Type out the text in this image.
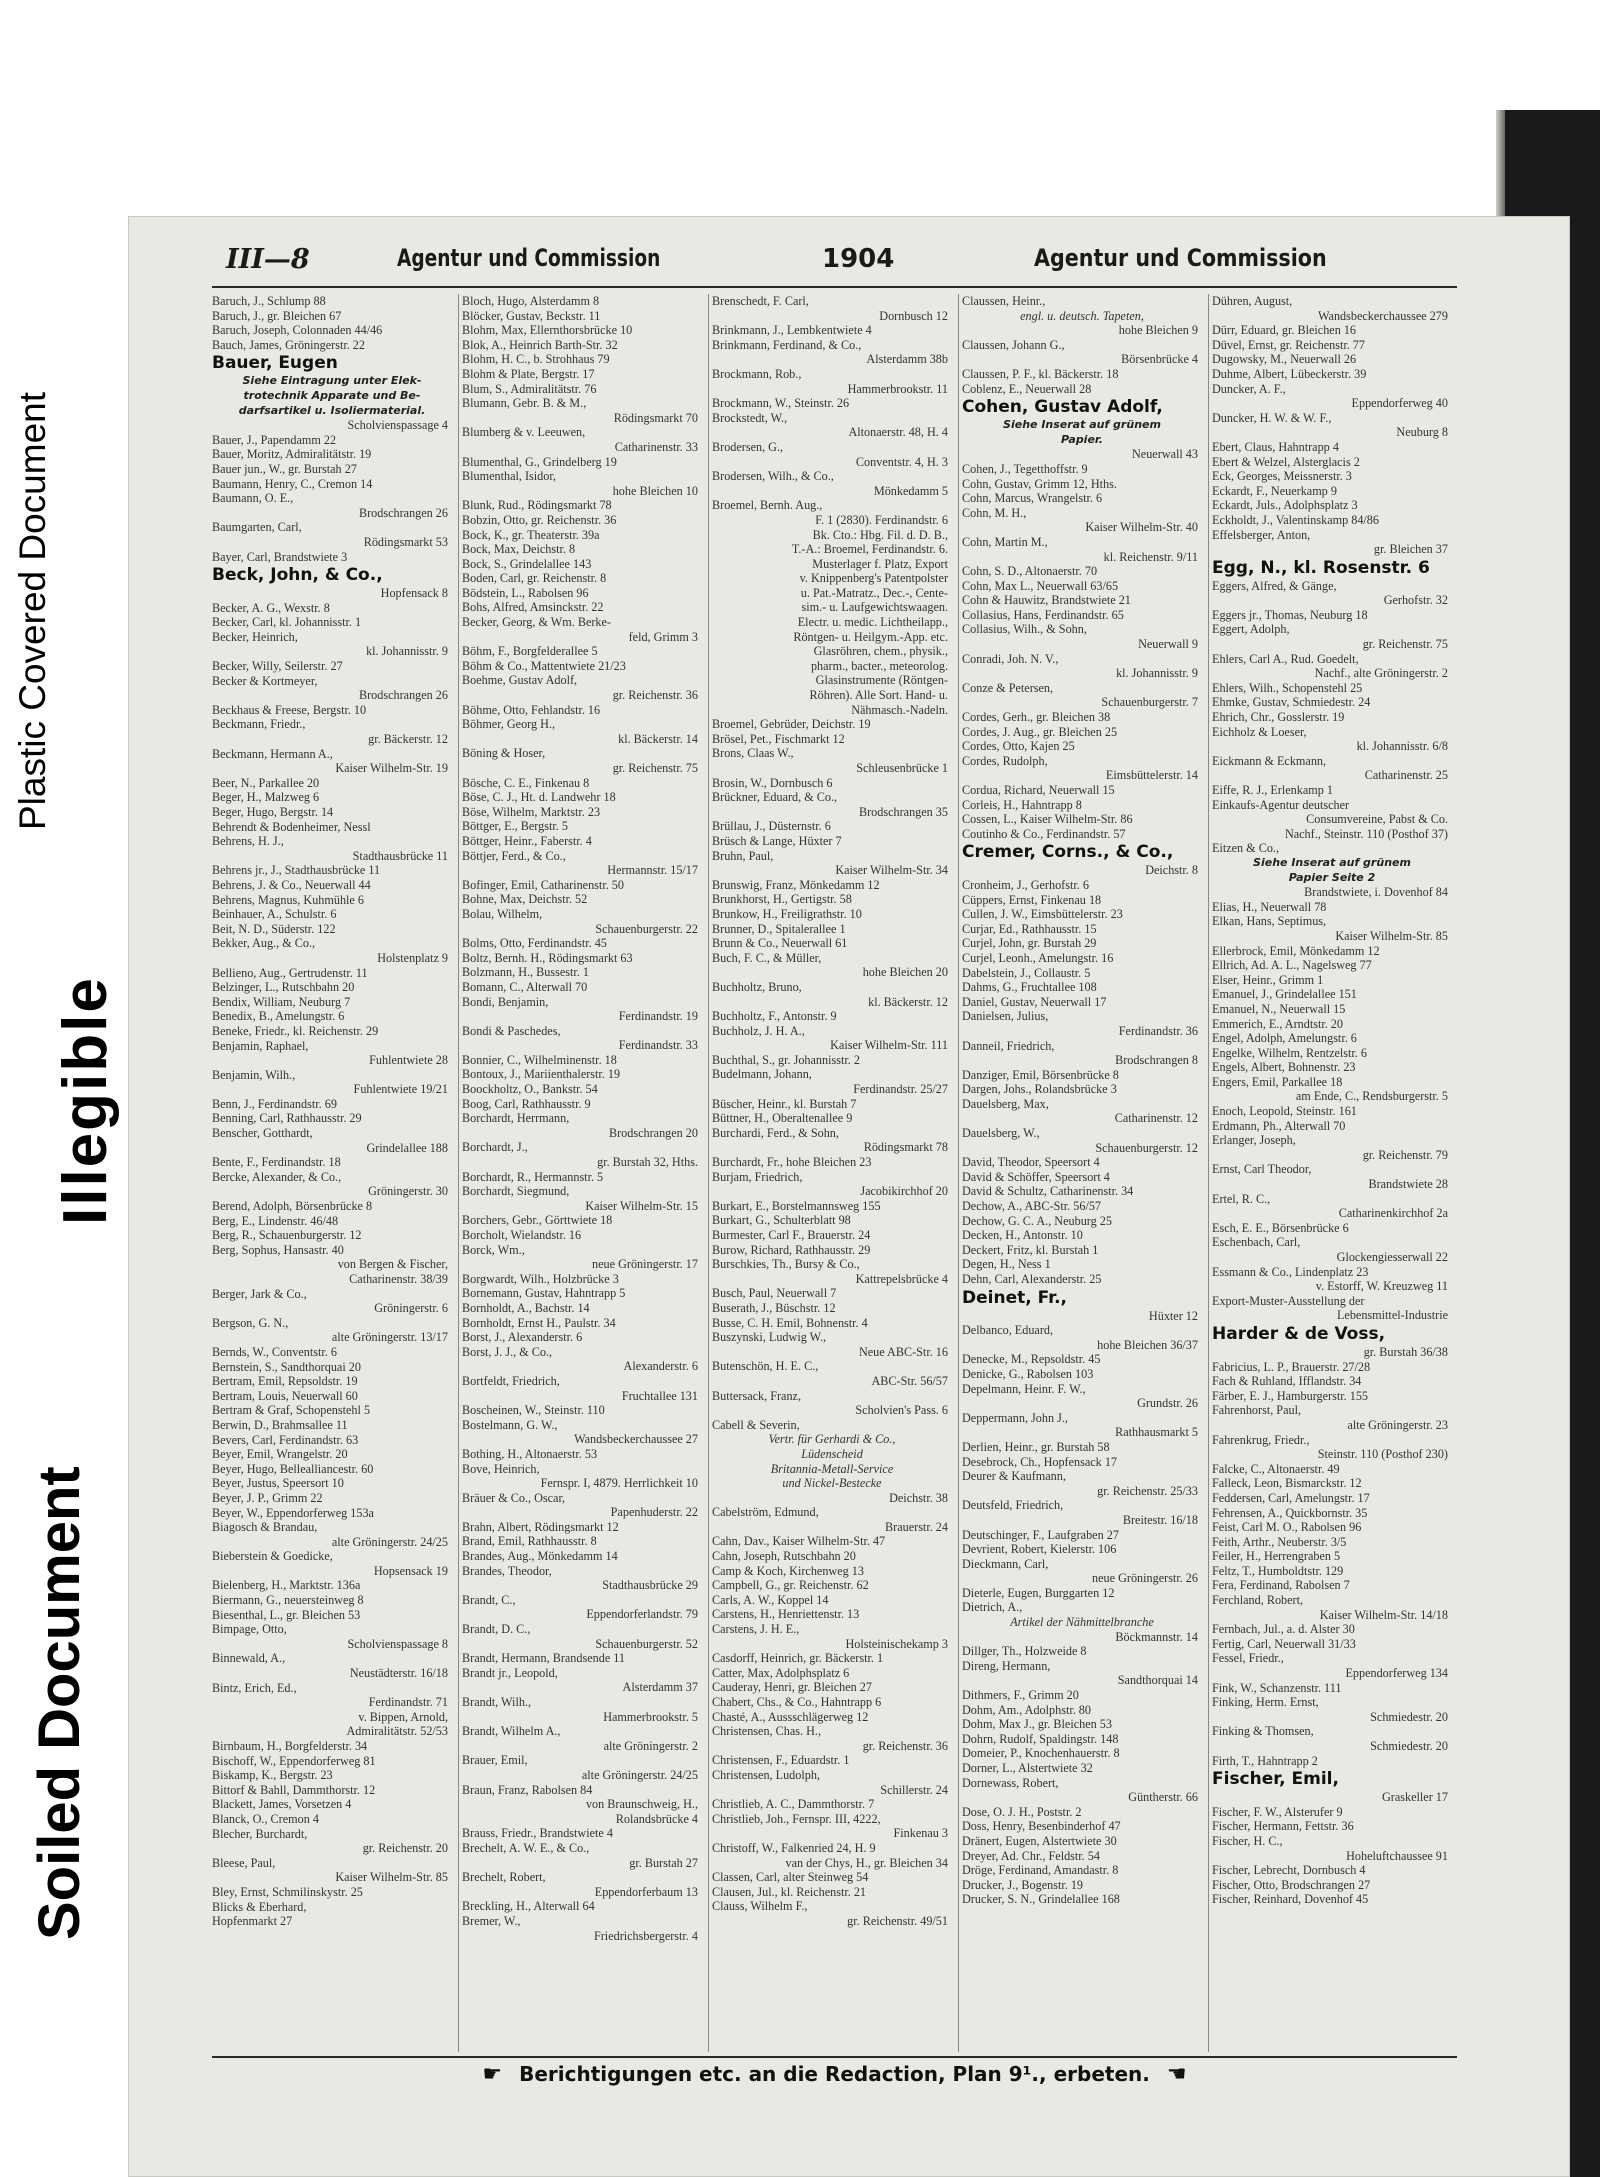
Plastic Covered Document
Illegible
Soiled Document
III—8	Agentur und Commission	1904	Agentur und Commission
Baruch, J., Schlump 88
Baruch, J., gr. Bleichen 67
Baruch, Joseph, Colonnaden 44/46
Bauch, James, Gröningerstr. 22
Bauer, Eugen
Siehe Eintragung unter Elek-
trotechnik Apparate und Be-
darfsartikel u. Isoliermaterial.
Scholvienspassage 4
Bauer, J., Papendamm 22
Bauer, Moritz, Admiralitätstr. 19
Bauer jun., W., gr. Burstah 27
Baumann, Henry, C., Cremon 14
Baumann, O. E.,
Brodschrangen 26
Baumgarten, Carl,
Rödingsmarkt 53
Bayer, Carl, Brandstwiete 3
Beck, John, & Co.,
Hopfensack 8
Becker, A. G., Wexstr. 8
Becker, Carl, kl. Johannisstr. 1
Becker, Heinrich,
kl. Johannisstr. 9
Becker, Willy, Seilerstr. 27
Becker & Kortmeyer,
Brodschrangen 26
Beckhaus & Freese, Bergstr. 10
Beckmann, Friedr.,
gr. Bäckerstr. 12
Beckmann, Hermann A.,
Kaiser Wilhelm-Str. 19
Beer, N., Parkallee 20
Beger, H., Malzweg 6
Beger, Hugo, Bergstr. 14
Behrendt & Bodenheimer, Nessl
Behrens, H. J.,
Stadthausbrücke 11
Behrens jr., J., Stadthausbrücke 11
Behrens, J. & Co., Neuerwall 44
Behrens, Magnus, Kuhmühle 6
Beinhauer, A., Schulstr. 6
Beit, N. D., Süderstr. 122
Bekker, Aug., & Co.,
Holstenplatz 9
Bellieno, Aug., Gertrudenstr. 11
Belzinger, L., Rutschbahn 20
Bendix, William, Neuburg 7
Benedix, B., Amelungstr. 6
Beneke, Friedr., kl. Reichenstr. 29
Benjamin, Raphael,
Fuhlentwiete 28
Benjamin, Wilh.,
Fuhlentwiete 19/21
Benn, J., Ferdinandstr. 69
Benning, Carl, Rathhausstr. 29
Benscher, Gotthardt,
Grindelallee 188
Bente, F., Ferdinandstr. 18
Bercke, Alexander, & Co.,
Gröningerstr. 30
Berend, Adolph, Börsenbrücke 8
Berg, E., Lindenstr. 46/48
Berg, R., Schauenburgerstr. 12
Berg, Sophus, Hansastr. 40
von Bergen & Fischer,
Catharinenstr. 38/39
Berger, Jark & Co.,
Gröningerstr. 6
Bergson, G. N.,
alte Gröningerstr. 13/17
Bernds, W., Conventstr. 6
Bernstein, S., Sandthorquai 20
Bertram, Emil, Repsoldstr. 19
Bertram, Louis, Neuerwall 60
Bertram & Graf, Schopenstehl 5
Berwin, D., Brahmsallee 11
Bevers, Carl, Ferdinandstr. 63
Beyer, Emil, Wrangelstr. 20
Beyer, Hugo, Bellealliancestr. 60
Beyer, Justus, Speersort 10
Beyer, J. P., Grimm 22
Beyer, W., Eppendorferweg 153a
Biagosch & Brandau,
alte Gröningerstr. 24/25
Bieberstein & Goedicke,
Hopsensack 19
Bielenberg, H., Marktstr. 136a
Biermann, G., neuersteinweg 8
Biesenthal, L., gr. Bleichen 53
Bimpage, Otto,
Scholvienspassage 8
Binnewald, A.,
Neustädterstr. 16/18
Bintz, Erich, Ed.,
Ferdinandstr. 71
v. Bippen, Arnold,
Admiralitätstr. 52/53
Birnbaum, H., Borgfelderstr. 34
Bischoff, W., Eppendorferweg 81
Biskamp, K., Bergstr. 23
Bittorf & Bahll, Dammthorstr. 12
Blackett, James, Vorsetzen 4
Blanck, O., Cremon 4
Blecher, Burchardt,
gr. Reichenstr. 20
Bleese, Paul,
Kaiser Wilhelm-Str. 85
Bley, Ernst, Schmilinskystr. 25
Blicks & Eberhard,
Hopfenmarkt 27
Bloch, Hugo, Alsterdamm 8
Blöcker, Gustav, Beckstr. 11
Blohm, Max, Ellernthorsbrücke 10
Blok, A., Heinrich Barth-Str. 32
Blohm, H. C., b. Strohhaus 79
Blohm & Plate, Bergstr. 17
Blum, S., Admiralitätstr. 76
Blumann, Gebr. B. & M.,
Rödingsmarkt 70
Blumberg & v. Leeuwen,
Catharinenstr. 33
Blumenthal, G., Grindelberg 19
Blumenthal, Isidor,
hohe Bleichen 10
Blunk, Rud., Rödingsmarkt 78
Bobzin, Otto, gr. Reichenstr. 36
Bock, K., gr. Theaterstr. 39a
Bock, Max, Deichstr. 8
Bock, S., Grindelallee 143
Boden, Carl, gr. Reichenstr. 8
Bödstein, L., Rabolsen 96
Bohs, Alfred, Amsinckstr. 22
Becker, Georg, & Wm. Berke-
feld, Grimm 3
Böhm, F., Borgfelderallee 5
Böhm & Co., Mattentwiete 21/23
Boehme, Gustav Adolf,
gr. Reichenstr. 36
Böhme, Otto, Fehlandstr. 16
Böhmer, Georg H.,
kl. Bäckerstr. 14
Böning & Hoser,
gr. Reichenstr. 75
Bösche, C. E., Finkenau 8
Böse, C. J., Ht. d. Landwehr 18
Böse, Wilhelm, Marktstr. 23
Böttger, E., Bergstr. 5
Böttger, Heinr., Faberstr. 4
Böttjer, Ferd., & Co.,
Hermannstr. 15/17
Bofinger, Emil, Catharinenstr. 50
Bohne, Max, Deichstr. 52
Bolau, Wilhelm,
Schauenburgerstr. 22
Bolms, Otto, Ferdinandstr. 45
Boltz, Bernh. H., Rödingsmarkt 63
Bolzmann, H., Bussestr. 1
Bomann, C., Alterwall 70
Bondi, Benjamin,
Ferdinandstr. 19
Bondi & Paschedes,
Ferdinandstr. 33
Bonnier, C., Wilhelminenstr. 18
Bontoux, J., Mariienthalerstr. 19
Boockholtz, O., Bankstr. 54
Boog, Carl, Rathhausstr. 9
Borchardt, Herrmann,
Brodschrangen 20
Borchardt, J.,
gr. Burstah 32, Hths.
Borchardt, R., Hermannstr. 5
Borchardt, Siegmund,
Kaiser Wilhelm-Str. 15
Borchers, Gebr., Görttwiete 18
Borcholt, Wielandstr. 16
Borck, Wm.,
neue Gröningerstr. 17
Borgwardt, Wilh., Holzbrücke 3
Bornemann, Gustav, Hahntrapp 5
Bornholdt, A., Bachstr. 14
Bornholdt, Ernst H., Paulstr. 34
Borst, J., Alexanderstr. 6
Borst, J. J., & Co.,
Alexanderstr. 6
Bortfeldt, Friedrich,
Fruchtallee 131
Boscheinen, W., Steinstr. 110
Bostelmann, G. W.,
Wandsbeckerchaussee 27
Bothing, H., Altonaerstr. 53
Bove, Heinrich,
Fernspr. I, 4879. Herrlichkeit 10
Bräuer & Co., Oscar,
Papenhuderstr. 22
Brahn, Albert, Rödingsmarkt 12
Brand, Emil, Rathhausstr. 8
Brandes, Aug., Mönkedamm 14
Brandes, Theodor,
Stadthausbrücke 29
Brandt, C.,
Eppendorferlandstr. 79
Brandt, D. C.,
Schauenburgerstr. 52
Brandt, Hermann, Brandsende 11
Brandt jr., Leopold,
Alsterdamm 37
Brandt, Wilh.,
Hammerbrookstr. 5
Brandt, Wilhelm A.,
alte Gröningerstr. 2
Brauer, Emil,
alte Gröningerstr. 24/25
Braun, Franz, Rabolsen 84
von Braunschweig, H.,
Rolandsbrücke 4
Brauss, Friedr., Brandstwiete 4
Brechelt, A. W. E., & Co.,
gr. Burstah 27
Brechelt, Robert,
Eppendorferbaum 13
Breckling, H., Alterwall 64
Bremer, W.,
Friedrichsbergerstr. 4
Brenschedt, F. Carl,
Dornbusch 12
Brinkmann, J., Lembkentwiete 4
Brinkmann, Ferdinand, & Co.,
Alsterdamm 38b
Brockmann, Rob.,
Hammerbrookstr. 11
Brockmann, W., Steinstr. 26
Brockstedt, W.,
Altonaerstr. 48, H. 4
Brodersen, G.,
Conventstr. 4, H. 3
Brodersen, Wilh., & Co.,
Mönkedamm 5
Broemel, Bernh. Aug.,
F. 1 (2830). Ferdinandstr. 6
Bk. Cto.: Hbg. Fil. d. D. B.,
T.-A.: Broemel, Ferdinandstr. 6.
Musterlager f. Platz, Export
v. Knippenberg's Patentpolster
u. Pat.-Matratz., Dec.-, Cente-
sim.- u. Laufgewichtswaagen.
Electr. u. medic. Lichtheilapp.,
Röntgen- u. Heilgym.-App. etc.
Glasröhren, chem., physik.,
pharm., bacter., meteorolog.
Glasinstrumente (Röntgen-
Röhren). Alle Sort. Hand- u.
Nähmasch.-Nadeln.
Broemel, Gebrüder, Deichstr. 19
Brösel, Pet., Fischmarkt 12
Brons, Claas W.,
Schleusenbrücke 1
Brosin, W., Dornbusch 6
Brückner, Eduard, & Co.,
Brodschrangen 35
Brüllau, J., Düsternstr. 6
Brüsch & Lange, Hüxter 7
Bruhn, Paul,
Kaiser Wilhelm-Str. 34
Brunswig, Franz, Mönkedamm 12
Brunkhorst, H., Gertigstr. 58
Brunkow, H., Freiligrathstr. 10
Brunner, D., Spitalerallee 1
Brunn & Co., Neuerwall 61
Buch, F. C., & Müller,
hohe Bleichen 20
Buchholtz, Bruno,
kl. Bäckerstr. 12
Buchholtz, F., Antonstr. 9
Buchholz, J. H. A.,
Kaiser Wilhelm-Str. 111
Buchthal, S., gr. Johannisstr. 2
Budelmann, Johann,
Ferdinandstr. 25/27
Büscher, Heinr., kl. Burstah 7
Büttner, H., Oberaltenallee 9
Burchardi, Ferd., & Sohn,
Rödingsmarkt 78
Burchardt, Fr., hohe Bleichen 23
Burjam, Friedrich,
Jacobikirchhof 20
Burkart, E., Borstelmannsweg 155
Burkart, G., Schulterblatt 98
Burmester, Carl F., Brauerstr. 24
Burow, Richard, Rathhausstr. 29
Burschkies, Th., Bursy & Co.,
Kattrepelsbrücke 4
Busch, Paul, Neuerwall 7
Buserath, J., Büschstr. 12
Busse, C. H. Emil, Bohnenstr. 4
Buszynski, Ludwig W.,
Neue ABC-Str. 16
Butenschön, H. E. C.,
ABC-Str. 56/57
Buttersack, Franz,
Scholvien's Pass. 6
Cabell & Severin,
Vertr. für Gerhardi & Co.,
Lüdenscheid
Britannia-Metall-Service
und Nickel-Bestecke
Deichstr. 38
Cabelström, Edmund,
Brauerstr. 24
Cahn, Dav., Kaiser Wilhelm-Str. 47
Cahn, Joseph, Rutschbahn 20
Camp & Koch, Kirchenweg 13
Campbell, G., gr. Reichenstr. 62
Carls, A. W., Koppel 14
Carstens, H., Henriettenstr. 13
Carstens, J. H. E.,
Holsteinischekamp 3
Casdorff, Heinrich, gr. Bäckerstr. 1
Catter, Max, Adolphsplatz 6
Cauderay, Henri, gr. Bleichen 27
Chabert, Chs., & Co., Hahntrapp 6
Chasté, A., Aussschlägerweg 12
Christensen, Chas. H.,
gr. Reichenstr. 36
Christensen, F., Eduardstr. 1
Christensen, Ludolph,
Schillerstr. 24
Christlieb, A. C., Dammthorstr. 7
Christlieb, Joh., Fernspr. III, 4222,
Finkenau 3
Christoff, W., Falkenried 24, H. 9
van der Chys, H., gr. Bleichen 34
Classen, Carl, alter Steinweg 54
Clausen, Jul., kl. Reichenstr. 21
Clauss, Wilhelm F.,
gr. Reichenstr. 49/51
Claussen, Heinr.,
engl. u. deutsch. Tapeten,
hohe Bleichen 9
Claussen, Johann G.,
Börsenbrücke 4
Claussen, P. F., kl. Bäckerstr. 18
Coblenz, E., Neuerwall 28
Cohen, Gustav Adolf,
Siehe Inserat auf grünem
Papier.
Neuerwall 43
Cohen, J., Tegetthoffstr. 9
Cohn, Gustav, Grimm 12, Hths.
Cohn, Marcus, Wrangelstr. 6
Cohn, M. H.,
Kaiser Wilhelm-Str. 40
Cohn, Martin M.,
kl. Reichenstr. 9/11
Cohn, S. D., Altonaerstr. 70
Cohn, Max L., Neuerwall 63/65
Cohn & Hauwitz, Brandstwiete 21
Collasius, Hans, Ferdinandstr. 65
Collasius, Wilh., & Sohn,
Neuerwall 9
Conradi, Joh. N. V.,
kl. Johannisstr. 9
Conze & Petersen,
Schauenburgerstr. 7
Cordes, Gerh., gr. Bleichen 38
Cordes, J. Aug., gr. Bleichen 25
Cordes, Otto, Kajen 25
Cordes, Rudolph,
Eimsbüttelerstr. 14
Cordua, Richard, Neuerwall 15
Corleis, H., Hahntrapp 8
Cossen, L., Kaiser Wilhelm-Str. 86
Coutinho & Co., Ferdinandstr. 57
Cremer, Corns., & Co.,
Deichstr. 8
Cronheim, J., Gerhofstr. 6
Cüppers, Ernst, Finkenau 18
Cullen, J. W., Eimsbüttelerstr. 23
Curjar, Ed., Rathhausstr. 15
Curjel, John, gr. Burstah 29
Curjel, Leonh., Amelungstr. 16
Dabelstein, J., Collaustr. 5
Dahms, G., Fruchtallee 108
Daniel, Gustav, Neuerwall 17
Danielsen, Julius,
Ferdinandstr. 36
Danneil, Friedrich,
Brodschrangen 8
Danziger, Emil, Börsenbrücke 8
Dargen, Johs., Rolandsbrücke 3
Dauelsberg, Max,
Catharinenstr. 12
Dauelsberg, W.,
Schauenburgerstr. 12
David, Theodor, Speersort 4
David & Schöffer, Speersort 4
David & Schultz, Catharinenstr. 34
Dechow, A., ABC-Str. 56/57
Dechow, G. C. A., Neuburg 25
Decken, H., Antonstr. 10
Deckert, Fritz, kl. Burstah 1
Degen, H., Ness 1
Dehn, Carl, Alexanderstr. 25
Deinet, Fr.,
Hüxter 12
Delbanco, Eduard,
hohe Bleichen 36/37
Denecke, M., Repsoldstr. 45
Denicke, G., Rabolsen 103
Depelmann, Heinr. F. W.,
Grundstr. 26
Deppermann, John J.,
Rathhausmarkt 5
Derlien, Heinr., gr. Burstah 58
Desebrock, Ch., Hopfensack 17
Deurer & Kaufmann,
gr. Reichenstr. 25/33
Deutsfeld, Friedrich,
Breitestr. 16/18
Deutschinger, F., Laufgraben 27
Devrient, Robert, Kielerstr. 106
Dieckmann, Carl,
neue Gröningerstr. 26
Dieterle, Eugen, Burggarten 12
Dietrich, A.,
Artikel der Nähmittelbranche
Böckmannstr. 14
Dillger, Th., Holzweide 8
Direng, Hermann,
Sandthorquai 14
Dithmers, F., Grimm 20
Dohm, Am., Adolphstr. 80
Dohm, Max J., gr. Bleichen 53
Dohrn, Rudolf, Spaldingstr. 148
Domeier, P., Knochenhauerstr. 8
Dorner, L., Alstertwiete 32
Dornewass, Robert,
Güntherstr. 66
Dose, O. J. H., Poststr. 2
Doss, Henry, Besenbinderhof 47
Dränert, Eugen, Alstertwiete 30
Dreyer, Ad. Chr., Feldstr. 54
Dröge, Ferdinand, Amandastr. 8
Drucker, J., Bogenstr. 19
Drucker, S. N., Grindelallee 168
Dühren, August,
Wandsbeckerchaussee 279
Dürr, Eduard, gr. Bleichen 16
Düvel, Ernst, gr. Reichenstr. 77
Dugowsky, M., Neuerwall 26
Duhme, Albert, Lübeckerstr. 39
Duncker, A. F.,
Eppendorferweg 40
Duncker, H. W. & W. F.,
Neuburg 8
Ebert, Claus, Hahntrapp 4
Ebert & Welzel, Alsterglacis 2
Eck, Georges, Meissnerstr. 3
Eckardt, F., Neuerkamp 9
Eckardt, Juls., Adolphsplatz 3
Eckholdt, J., Valentinskamp 84/86
Effelsberger, Anton,
gr. Bleichen 37
Egg, N., kl. Rosenstr. 6
Eggers, Alfred, & Gänge,
Gerhofstr. 32
Eggers jr., Thomas, Neuburg 18
Eggert, Adolph,
gr. Reichenstr. 75
Ehlers, Carl A., Rud. Goedelt,
Nachf., alte Gröningerstr. 2
Ehlers, Wilh., Schopenstehl 25
Ehmke, Gustav, Schmiedestr. 24
Ehrich, Chr., Gosslerstr. 19
Eichholz & Loeser,
kl. Johannisstr. 6/8
Eickmann & Eckmann,
Catharinenstr. 25
Eiffe, R. J., Erlenkamp 1
Einkaufs-Agentur deutscher
Consumvereine, Pabst & Co.
Nachf., Steinstr. 110 (Posthof 37)
Eitzen & Co.,
Siehe Inserat auf grünem
Papier Seite 2
Brandstwiete, i. Dovenhof 84
Elias, H., Neuerwall 78
Elkan, Hans, Septimus,
Kaiser Wilhelm-Str. 85
Ellerbrock, Emil, Mönkedamm 12
Ellrich, Ad. A. L., Nagelsweg 77
Elser, Heinr., Grimm 1
Emanuel, J., Grindelallee 151
Emanuel, N., Neuerwall 15
Emmerich, E., Arndtstr. 20
Engel, Adolph, Amelungstr. 6
Engelke, Wilhelm, Rentzelstr. 6
Engels, Albert, Bohnenstr. 23
Engers, Emil, Parkallee 18
am Ende, C., Rendsburgerstr. 5
Enoch, Leopold, Steinstr. 161
Erdmann, Ph., Alterwall 70
Erlanger, Joseph,
gr. Reichenstr. 79
Ernst, Carl Theodor,
Brandstwiete 28
Ertel, R. C.,
Catharinenkirchhof 2a
Esch, E. E., Börsenbrücke 6
Eschenbach, Carl,
Glockengiesserwall 22
Essmann & Co., Lindenplatz 23
v. Estorff, W. Kreuzweg 11
Export-Muster-Ausstellung der
Lebensmittel-Industrie
Harder & de Voss,
gr. Burstah 36/38
Fabricius, L. P., Brauerstr. 27/28
Fach & Ruhland, Ifflandstr. 34
Färber, E. J., Hamburgerstr. 155
Fahrenhorst, Paul,
alte Gröningerstr. 23
Fahrenkrug, Friedr.,
Steinstr. 110 (Posthof 230)
Falcke, C., Altonaerstr. 49
Falleck, Leon, Bismarckstr. 12
Feddersen, Carl, Amelungstr. 17
Fehrensen, A., Quickbornstr. 35
Feist, Carl M. O., Rabolsen 96
Feith, Arthr., Neuberstr. 3/5
Feiler, H., Herrengraben 5
Feltz, T., Humboldtstr. 129
Fera, Ferdinand, Rabolsen 7
Ferchland, Robert,
Kaiser Wilhelm-Str. 14/18
Fernbach, Jul., a. d. Alster 30
Fertig, Carl, Neuerwall 31/33
Fessel, Friedr.,
Eppendorferweg 134
Fink, W., Schanzenstr. 111
Finking, Herm. Ernst,
Schmiedestr. 20
Finking & Thomsen,
Schmiedestr. 20
Firth, T., Hahntrapp 2
Fischer, Emil,
Graskeller 17
Fischer, F. W., Alsterufer 9
Fischer, Hermann, Fettstr. 36
Fischer, H. C.,
Hoheluftchaussee 91
Fischer, Lebrecht, Dornbusch 4
Fischer, Otto, Brodschrangen 27
Fischer, Reinhard, Dovenhof 45
☛ Berichtigungen etc. an die Redaction, Plan 9¹., erbeten. ☚
